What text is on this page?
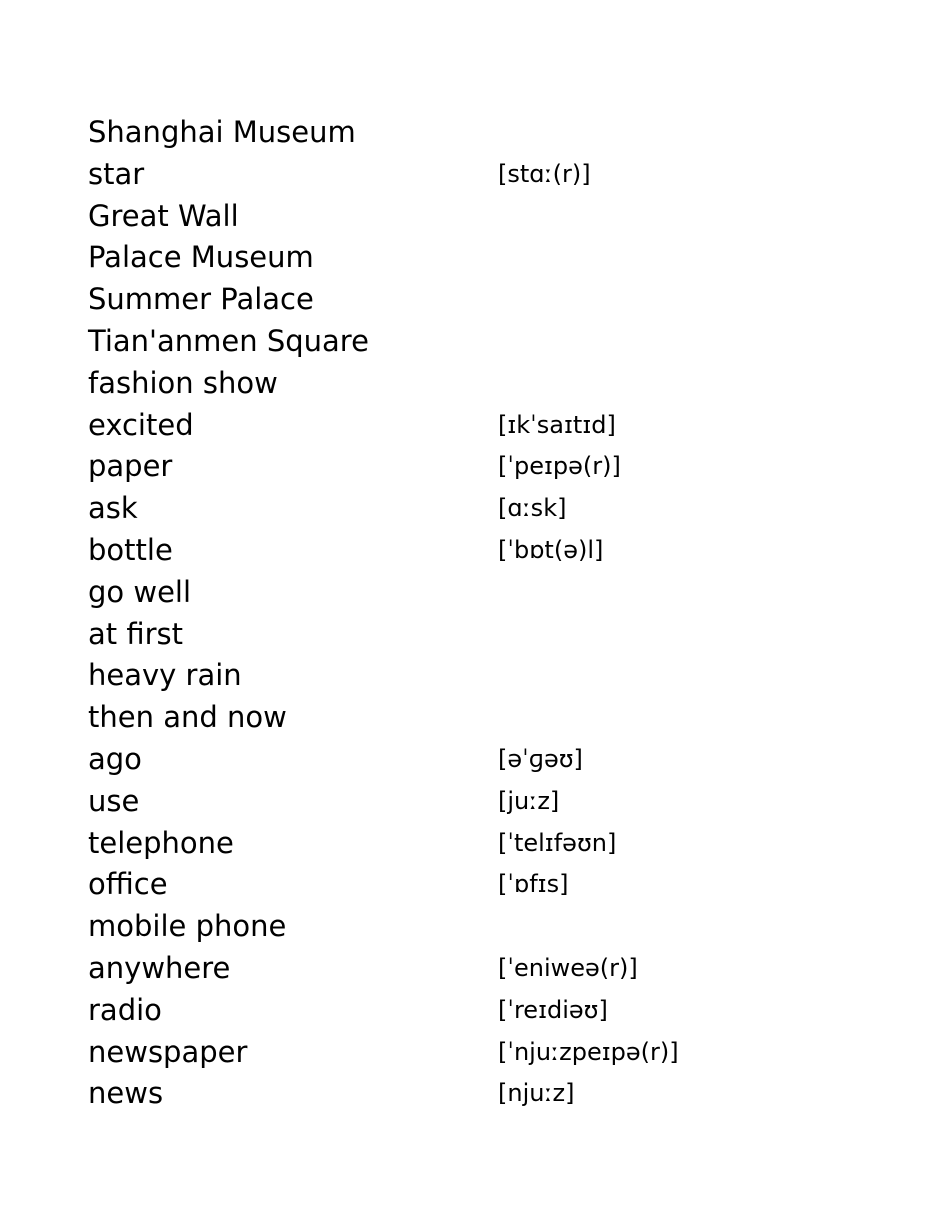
Shanghai Museum
star	[stɑː(r)]
Great Wall
Palace Museum
Summer Palace
Tian'anmen Square
fashion show
excited	[ɪkˈsaɪtɪd]
paper	[ˈpeɪpə(r)]
ask	[ɑːsk]
bottle	[ˈbɒt(ə)l]
go well
at first
heavy rain
then and now
ago	[əˈɡəʊ]
use	[juːz]
telephone	[ˈtelɪfəʊn]
office	[ˈɒfɪs]
mobile phone
anywhere	[ˈeniweə(r)]
radio	[ˈreɪdiəʊ]
newspaper	[ˈnjuːzpeɪpə(r)]
news	[njuːz]
